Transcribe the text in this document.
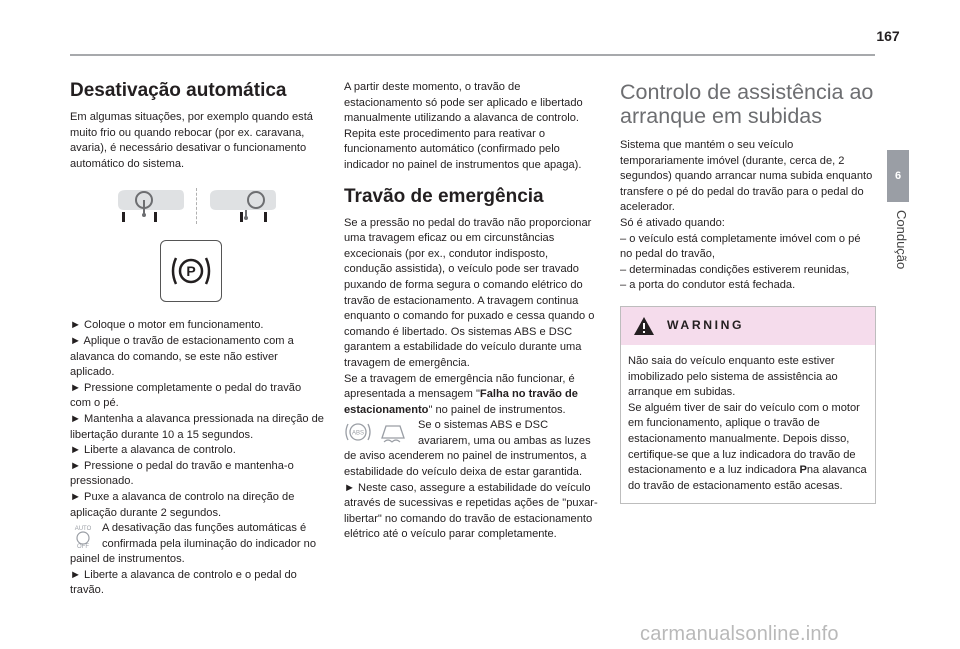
167
6
Condução
Desativação automática

Em algumas situações, por exemplo quando está muito frio ou quando rebocar (por ex. caravana, avaria), é necessário desativar o funcionamento automático do sistema.

P

► Coloque o motor em funcionamento.

► Aplique o travão de estacionamento com a alavanca do comando, se este não estiver aplicado.

► Pressione completamente o pedal do travão com o pé.

► Mantenha a alavanca pressionada na direção de libertação durante 10 a 15 segundos.

► Liberte a alavanca de controlo.

► Pressione o pedal do travão e mantenha-o pressionado.

► Puxe a alavanca de controlo na direção de aplicação durante 2 segundos.

AUTO
OFF

A desativação das funções automáticas é confirmada pela iluminação do indicador no painel de instrumentos.

► Liberte a alavanca de controlo e o pedal do travão.

A partir deste momento, o travão de estacionamento só pode ser aplicado e libertado manualmente utilizando a alavanca de controlo. Repita este procedimento para reativar o funcionamento automático (confirmado pelo indicador no painel de instrumentos que apaga).

Travão de emergência

Se a pressão no pedal do travão não proporcionar uma travagem eficaz ou em circunstâncias excecionais (por ex., condutor indisposto, condução assistida), o veículo pode ser travado puxando de forma segura o comando elétrico do travão de estacionamento. A travagem continua enquanto o comando for puxado e cessa quando o comando é libertado. Os sistemas ABS e DSC garantem a estabilidade do veículo durante uma travagem de emergência.

Se a travagem de emergência não funcionar, é apresentada a mensagem "Falha no travão de estacionamento" no painel de instrumentos.

ABS

Se o sistemas ABS e DSC avariarem, uma ou ambas as luzes de aviso acenderem no painel de instrumentos, a estabilidade do veículo deixa de estar garantida.

► Neste caso, assegure a estabilidade do veículo através de sucessivas e repetidas ações de "puxar-libertar" no comando do travão de estacionamento elétrico até o veículo parar completamente.

Controlo de assistência ao arranque em subidas

Sistema que mantém o seu veículo temporariamente imóvel (durante, cerca de, 2 segundos) quando arrancar numa subida enquanto transfere o pé do pedal do travão para o pedal do acelerador.

Só é ativado quando:

– o veículo está completamente imóvel com o pé no pedal do travão,

– determinadas condições estiverem reunidas,

– a porta do condutor está fechada.

WARNING

Não saia do veículo enquanto este estiver imobilizado pelo sistema de assistência ao arranque em subidas.

Se alguém tiver de sair do veículo com o motor em funcionamento, aplique o travão de estacionamento manualmente. Depois disso, certifique-se que a luz indicadora do travão de estacionamento e a luz indicadora Pna alavanca do travão de estacionamento estão acesas.

carmanualsonline.info
